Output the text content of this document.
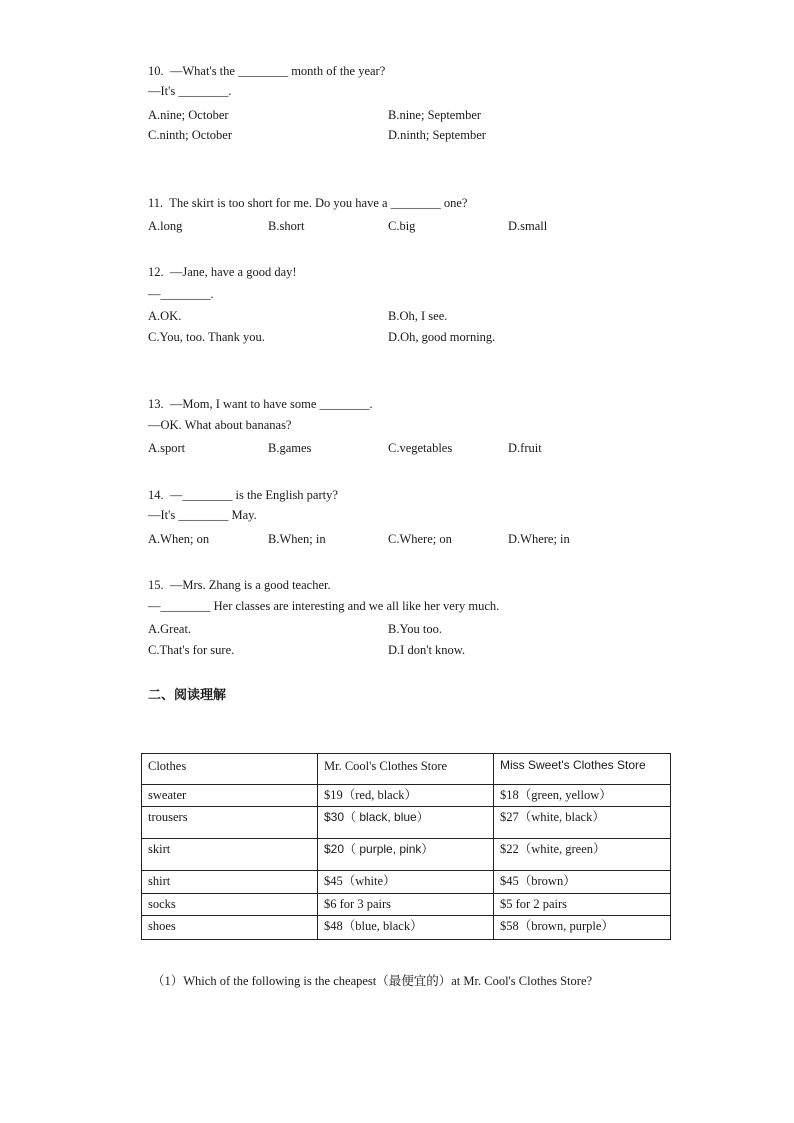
10. —What's the ________ month of the year?
—It's ________.
A.nine; October	B.nine; September
C.ninth; October	D.ninth; September
11. The skirt is too short for me. Do you have a ________ one?
A.long	B.short	C.big	D.small
12. —Jane, have a good day!
—________.
A.OK.	B.Oh, I see.
C.You, too. Thank you.	D.Oh, good morning.
13. —Mom, I want to have some ________.
—OK. What about bananas?
A.sport	B.games	C.vegetables	D.fruit
14. —________ is the English party?
—It's ________ May.
A.When; on	B.When; in	C.Where; on	D.Where; in
15. —Mrs. Zhang is a good teacher.
—________ Her classes are interesting and we all like her very much.
A.Great.	B.You too.
C.That's for sure.	D.I don't know.
二、阅读理解
Clothes	Mr. Cool's Clothes Store	Miss Sweet's Clothes Store
sweater	$19（red, black）	$18（green, yellow）
trousers	$30（ black, blue）	$27（white, black）
skirt	$20（ purple, pink）	$22（white, green）
shirt	$45（white）	$45（brown）
socks	$6 for 3 pairs	$5 for 2 pairs
shoes	$48（blue, black）	$58（brown, purple）
（1）Which of the following is the cheapest（最便宜的）at Mr. Cool's Clothes Store?
